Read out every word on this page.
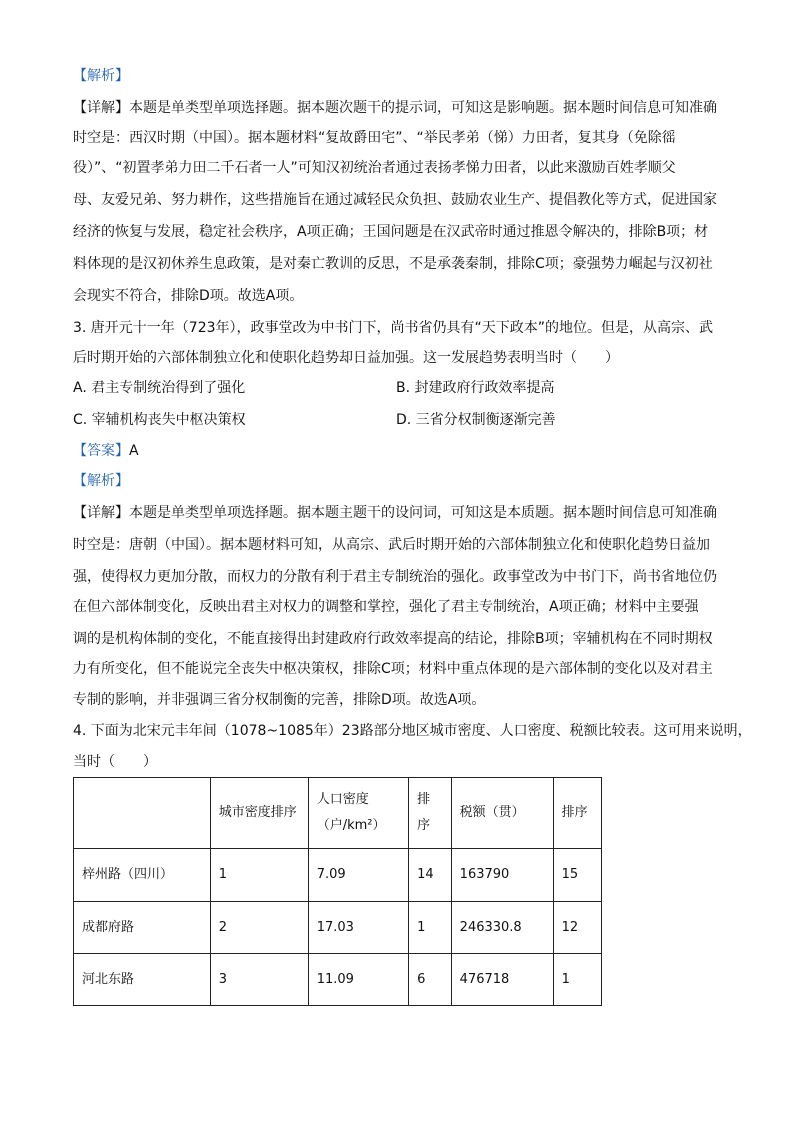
【解析】
【详解】本题是单类型单项选择题。据本题次题干的提示词，可知这是影响题。据本题时间信息可知准确
时空是：西汉时期（中国）。据本题材料“复故爵田宅”、“举民孝弟（悌）力田者，复其身（免除徭
役）”、“初置孝弟力田二千石者一人”可知汉初统治者通过表扬孝悌力田者，以此来激励百姓孝顺父
母、友爱兄弟、努力耕作，这些措施旨在通过减轻民众负担、鼓励农业生产、提倡教化等方式，促进国家
经济的恢复与发展，稳定社会秩序，A项正确；王国问题是在汉武帝时通过推恩令解决的，排除B项；材
料体现的是汉初休养生息政策，是对秦亡教训的反思，不是承袭秦制，排除C项；豪强势力崛起与汉初社
会现实不符合，排除D项。故选A项。
3. 唐开元十一年（723年），政事堂改为中书门下，尚书省仍具有“天下政本”的地位。但是，从高宗、武
后时期开始的六部体制独立化和使职化趋势却日益加强。这一发展趋势表明当时（　　）
A. 君主专制统治得到了强化	B. 封建政府行政效率提高
C. 宰辅机构丧失中枢决策权	D. 三省分权制衡逐渐完善
【答案】A
【解析】
【详解】本题是单类型单项选择题。据本题主题干的设问词，可知这是本质题。据本题时间信息可知准确
时空是：唐朝（中国）。据本题材料可知，从高宗、武后时期开始的六部体制独立化和使职化趋势日益加
强，使得权力更加分散，而权力的分散有利于君主专制统治的强化。政事堂改为中书门下，尚书省地位仍
在但六部体制变化，反映出君主对权力的调整和掌控，强化了君主专制统治，A项正确；材料中主要强
调的是机构体制的变化，不能直接得出封建政府行政效率提高的结论，排除B项；宰辅机构在不同时期权
力有所变化，但不能说完全丧失中枢决策权，排除C项；材料中重点体现的是六部体制的变化以及对君主
专制的影响，并非强调三省分权制衡的完善，排除D项。故选A项。
4. 下面为北宋元丰年间（1078~1085年）23路部分地区城市密度、人口密度、税额比较表。这可用来说明，
当时（　　）
	城市密度排序	人口密度（户/km²）	排序	税额（贯）	排序
梓州路（四川）	1	7.09	14	163790	15
成都府路	2	17.03	1	246330.8	12
河北东路	3	11.09	6	476718	1
